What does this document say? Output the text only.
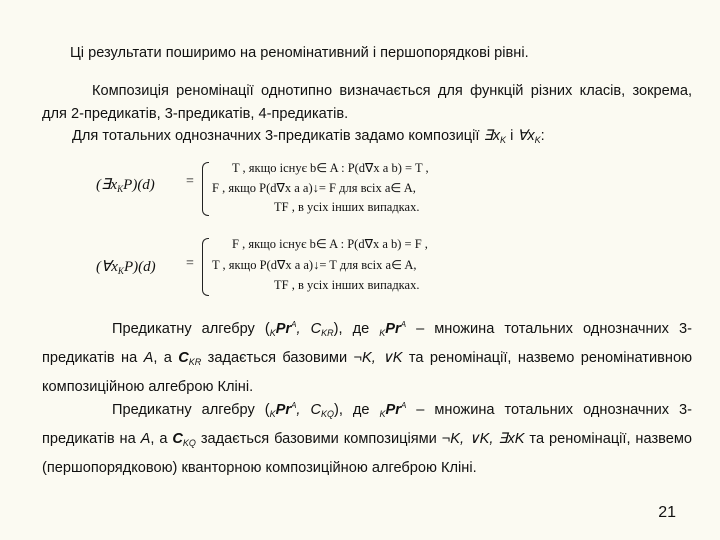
Ці результати поширимо на реномінативний і першопорядкові рівні.

Композиція реномінації однотипно визначається для функцій різних класів, зокрема, для 2-предикатів, 3-предикатів, 4-предикатів.

Для тотальних однозначних 3-предикатів задамо композиції $\exists x_K$ і $\forall x_K$:

$(\exists x_KP)(d)$ =
T , якщо існує b∈ A : P(d∇x a b) = T ,
F , якщо P(d∇x a a)↓= F для всіх a∈ A,
TF , в усіх інших випадках.
$(\forall x_KP)(d)$ =
F , якщо існує b∈ A : P(d∇x a b) = F ,
T , якщо P(d∇x a a)↓= T для всіх a∈ A,
TF , в усіх інших випадках.

Предикатну алгебру ($_KPr^A$, $C_{KR}$), де $_KPr^A$ – множина тотальних однозначних 3-предикатів на A, а $C_{KR}$ задається базовими ¬K, ∨K та реномінації, назвемо реномінативною композиційною алгеброю Кліні.

Предикатну алгебру ($_KPr^A$, $C_{KQ}$), де $_KPr^A$ – множина тотальних однозначних 3-предикатів на A, а $C_{KQ}$ задається базовими композиціями ¬K, ∨K, ∃xK та реномінації, назвемо (першопорядковою) кванторною композиційною алгеброю Кліні.

21
